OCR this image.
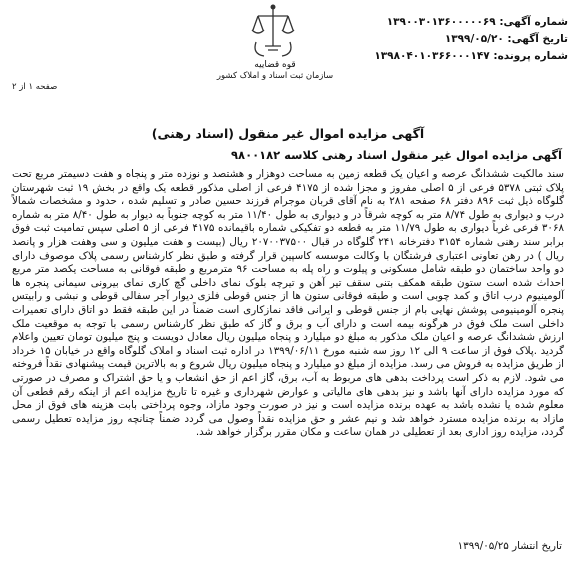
شماره آگهی: ۱۳۹۰۰۳۰۱۳۶۰۰۰۰۰۶۹
تاریخ آگهی: ۱۳۹۹/۰۵/۲۰
شماره پرونده: ۱۳۹۸۰۴۰۱۰۳۶۶۰۰۰۱۴۷
قوه قضاییه
سازمان ثبت اسناد و املاک کشور
صفحه ۱ از ۲
آگهی مزایده اموال غیر منقول (اسناد رهنی)
آگهی مزایده اموال غیر منقول اسناد رهنی کلاسه ۹۸۰۰۱۸۲

سند مالکیت ششدانگ عرصه و اعیان یک قطعه زمین به مساحت دوهزار و هشتصد و نوزده متر و پنجاه و هفت دسیمتر مربع تحت پلاک ثبتی ۵۳۷۸ فرعی از ۵ اصلی مفروز و مجزا شده از ۴۱۷۵ فرعی از اصلی مذکور قطعه یک واقع در بخش ۱۹ ثبت شهرستان گلوگاه ذیل ثبت ۸۹۶ دفتر ۶۸ صفحه ۲۸۱ به نام آقای قربان موجرام فرزند حسین صادر و تسلیم شده ، حدود و مشخصات شمالاً درب و دیواری به طول ۸/۷۴ متر به کوچه شرقاً در و دیواری به طول ۱۱/۴۰ متر به کوچه جنوباً به دیوار به طول ۸/۴۰ متر به شماره ۳۰۶۸ فرعی غرباً دیواری به طول ۱۱/۷۹ متر به قطعه دو تفکیکی شماره باقیمانده ۴۱۷۵ فرعی از ۵ اصلی سپس تمامیت ثبت فوق برابر سند رهنی شماره ۳۱۵۴ دفترخانه ۲۴۱ گلوگاه در قبال ۲۰۷۰۰۳۷۵۰۰ ریال (بیست و هفت میلیون و سی وهفت هزار و پانصد ریال ) در رهن تعاونی اعتباری فرشتگان با وکالت موسسه کاسپین قرار گرفته و طبق نظر کارشناس رسمی پلاک موصوف دارای دو واحد ساختمان دو طبقه شامل مسکونی و پیلوت و راه پله به مساحت ۹۶ مترمربع و طبقه فوقانی به مساحت یکصد متر مربع احداث شده است ستون طبقه همکف بتنی سقف تیر آهن و تیرچه بلوک نمای داخلی گچ کاری نمای بیرونی سیمانی پنجره ها آلومینیوم درب اتاق و کمد چوبی است و طبقه فوقانی ستون ها از جنس قوطی فلزی دیوار آجر سفالی قوطی و نبشی و رابیتس پنجره آلومینیومی پوشش نهایی بام از جنس قوطی و ایرانی فاقد نمازکاری است ضمناً در این طبقه فقط دو اتاق دارای تعمیرات داخلی است ملک فوق در هرگونه بیمه است و دارای آب و برق و گاز که طبق نظر کارشناس رسمی با توجه به موقعیت ملک ارزش ششدانگ عرصه و اعیان ملک مذکور به مبلغ دو میلیارد و پنجاه میلیون ریال معادل دویست و پنج میلیون تومان تعیین واعلام گردید .پلاک فوق از ساعت ۹ الی ۱۲ روز سه شنبه مورخ ۱۳۹۹/۰۶/۱۱ در اداره ثبت اسناد و املاک گلوگاه واقع در خیابان ۱۵ خرداد از طریق مزایده به فروش می رسد. مزایده از مبلغ دو میلیارد و پنجاه میلیون ریال شروع و به بالاترین قیمت پیشنهادی نقداً فروخته می شود. لازم به ذکر است پرداخت بدهی های مربوط به آب، برق، گاز اعم از حق انشعاب و یا حق اشتراک و مصرف در صورتی که مورد مزایده دارای آنها باشد و نیز بدهی های مالیاتی و عوارض شهرداری و غیره تا تاریخ مزایده اعم از اینکه رقم قطعی آن معلوم شده یا نشده باشد به عهده برنده مزایده است و نیز در صورت وجود مازاد، وجوه پرداختی بابت هزینه های فوق از محل مازاد به برنده مزایده مسترد خواهد شد و نیم عشر و حق مزایده نقداً وصول می گردد ضمناً چنانچه روز مزایده تعطیل رسمی گردد، مزایده روز اداری بعد از تعطیلی در همان ساعت و مکان مقرر برگزار خواهد شد.

تاریخ انتشار ۱۳۹۹/۰۵/۲۵
